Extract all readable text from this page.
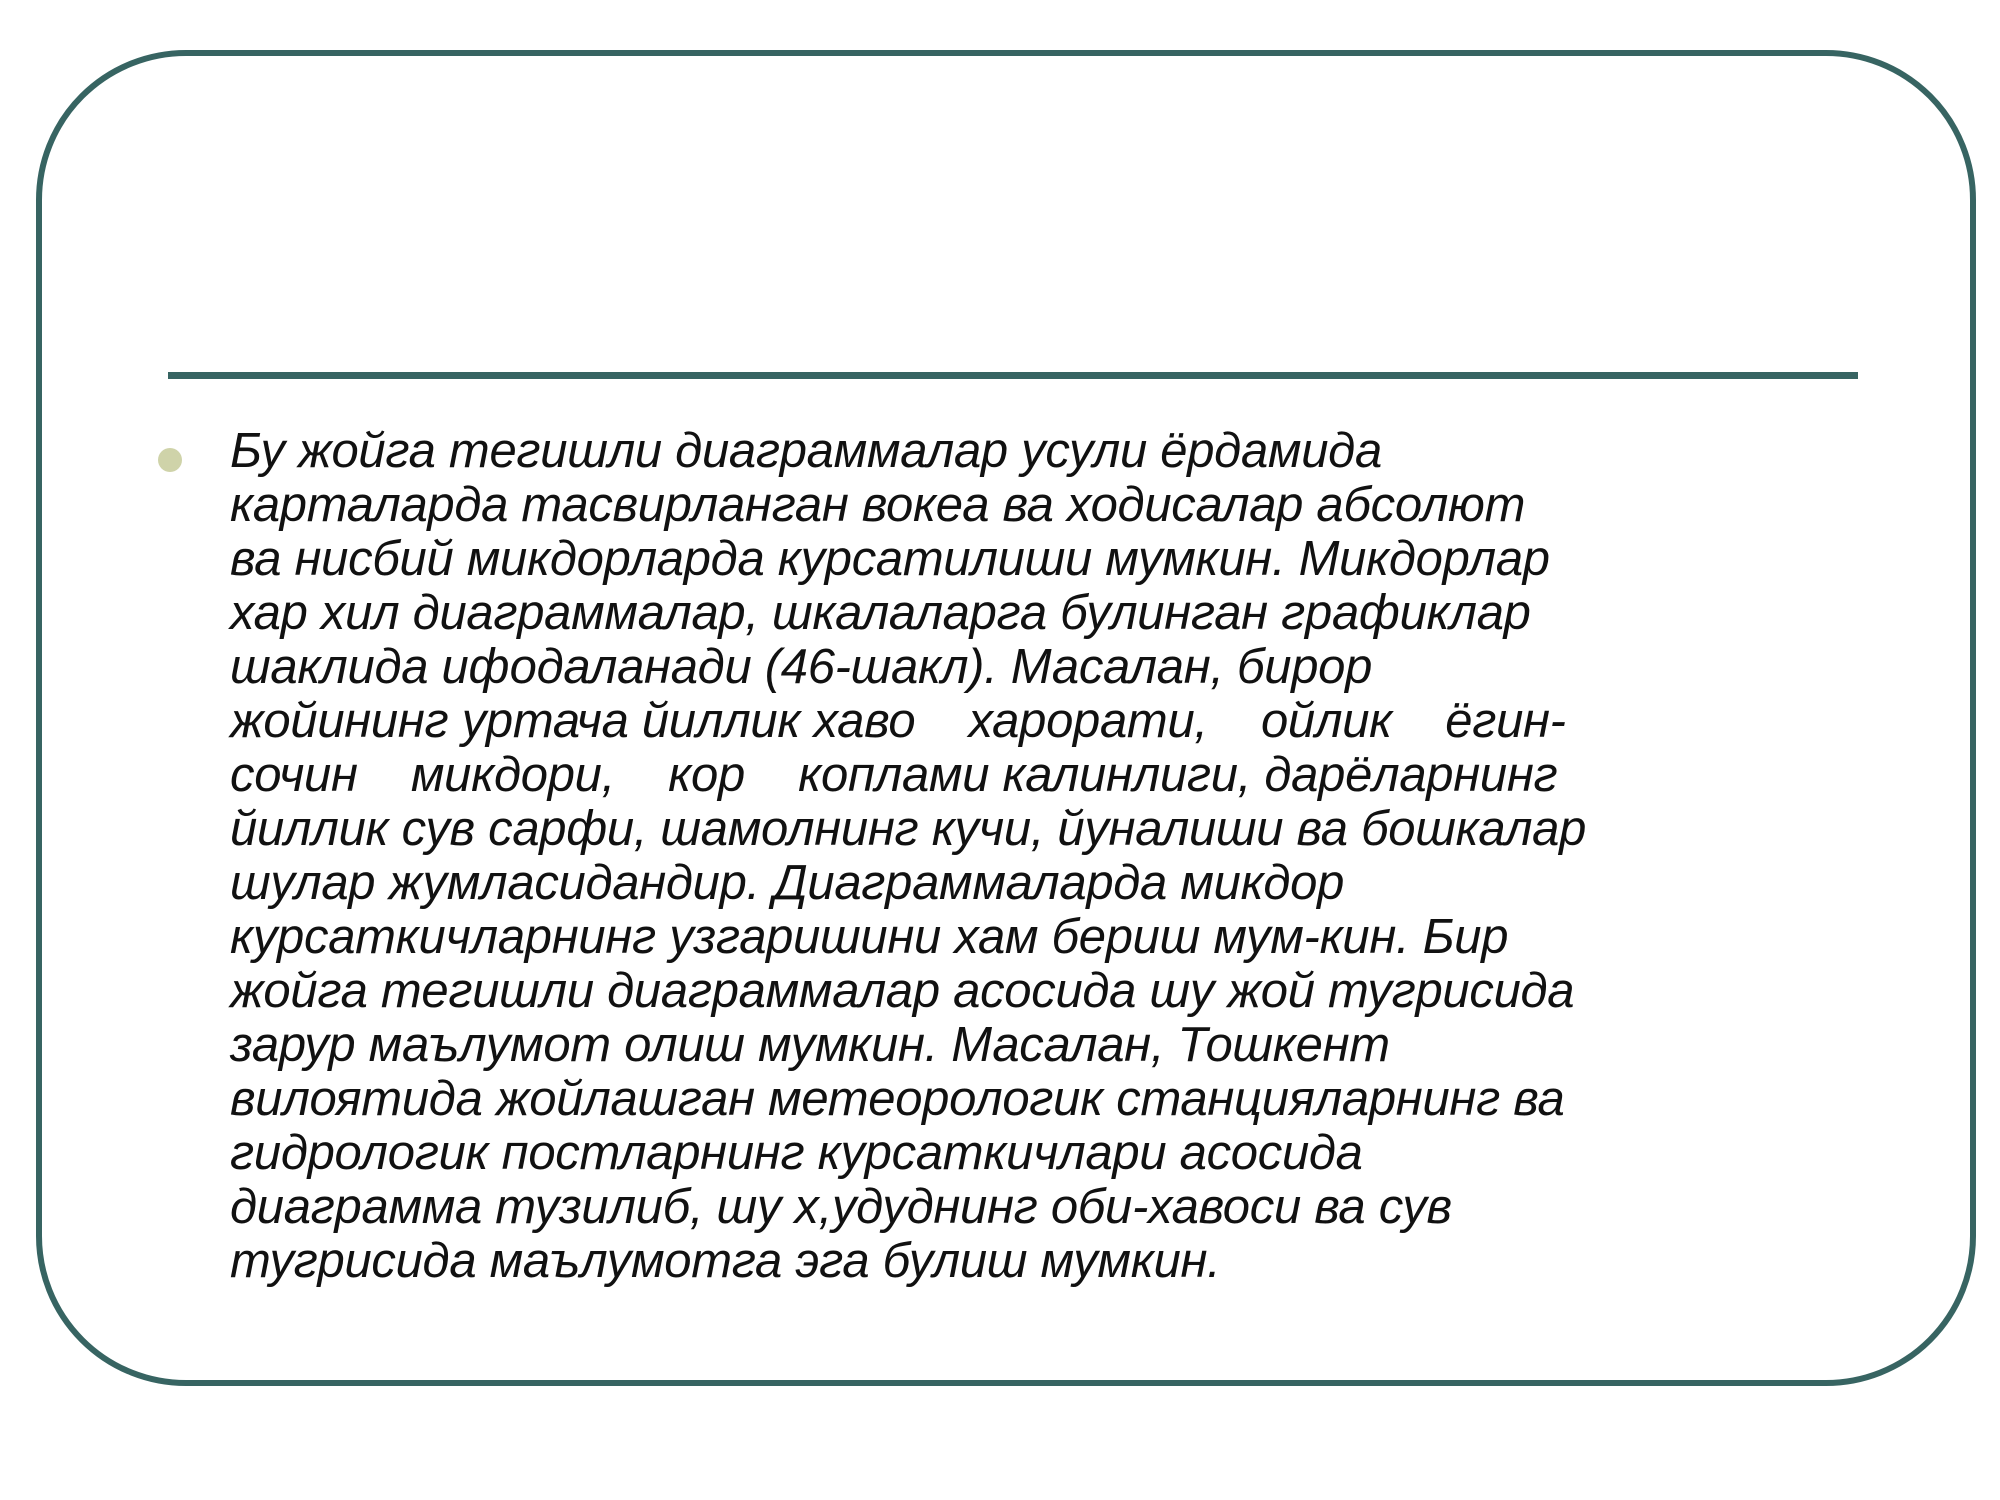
Бу жойга тегишли диаграммалар усули ёрдамида
карталарда тасвирланган вокеа ва ходисалар абсолют
ва нисбий микдорларда курсатилиши мумкин. Микдорлар
хар хил диаграммалар, шкалаларга булинган графиклар
шаклида ифодаланади (46-шакл). Масалан, бирор
жойининг уртача йиллик хаво    харорати,    ойлик    ёгин-
сочин    микдори,    кор    коплами калинлиги, дарёларнинг
йиллик сув сарфи, шамолнинг кучи, йуналиши ва бошкалар
шулар жумласидандир. Диаграммаларда микдор
курсаткичларнинг узгаришини хам бериш мум-кин. Бир
жойга тегишли диаграммалар асосида шу жой тугрисида
зарур маълумот олиш мумкин. Масалан, Тошкент
вилоятида жойлашган метеорологик станцияларнинг ва
гидрологик постларнинг курсаткичлари асосида
диаграмма тузилиб, шу х,удуднинг оби-хавоси ва сув
тугрисида маълумотга эга булиш мумкин.
